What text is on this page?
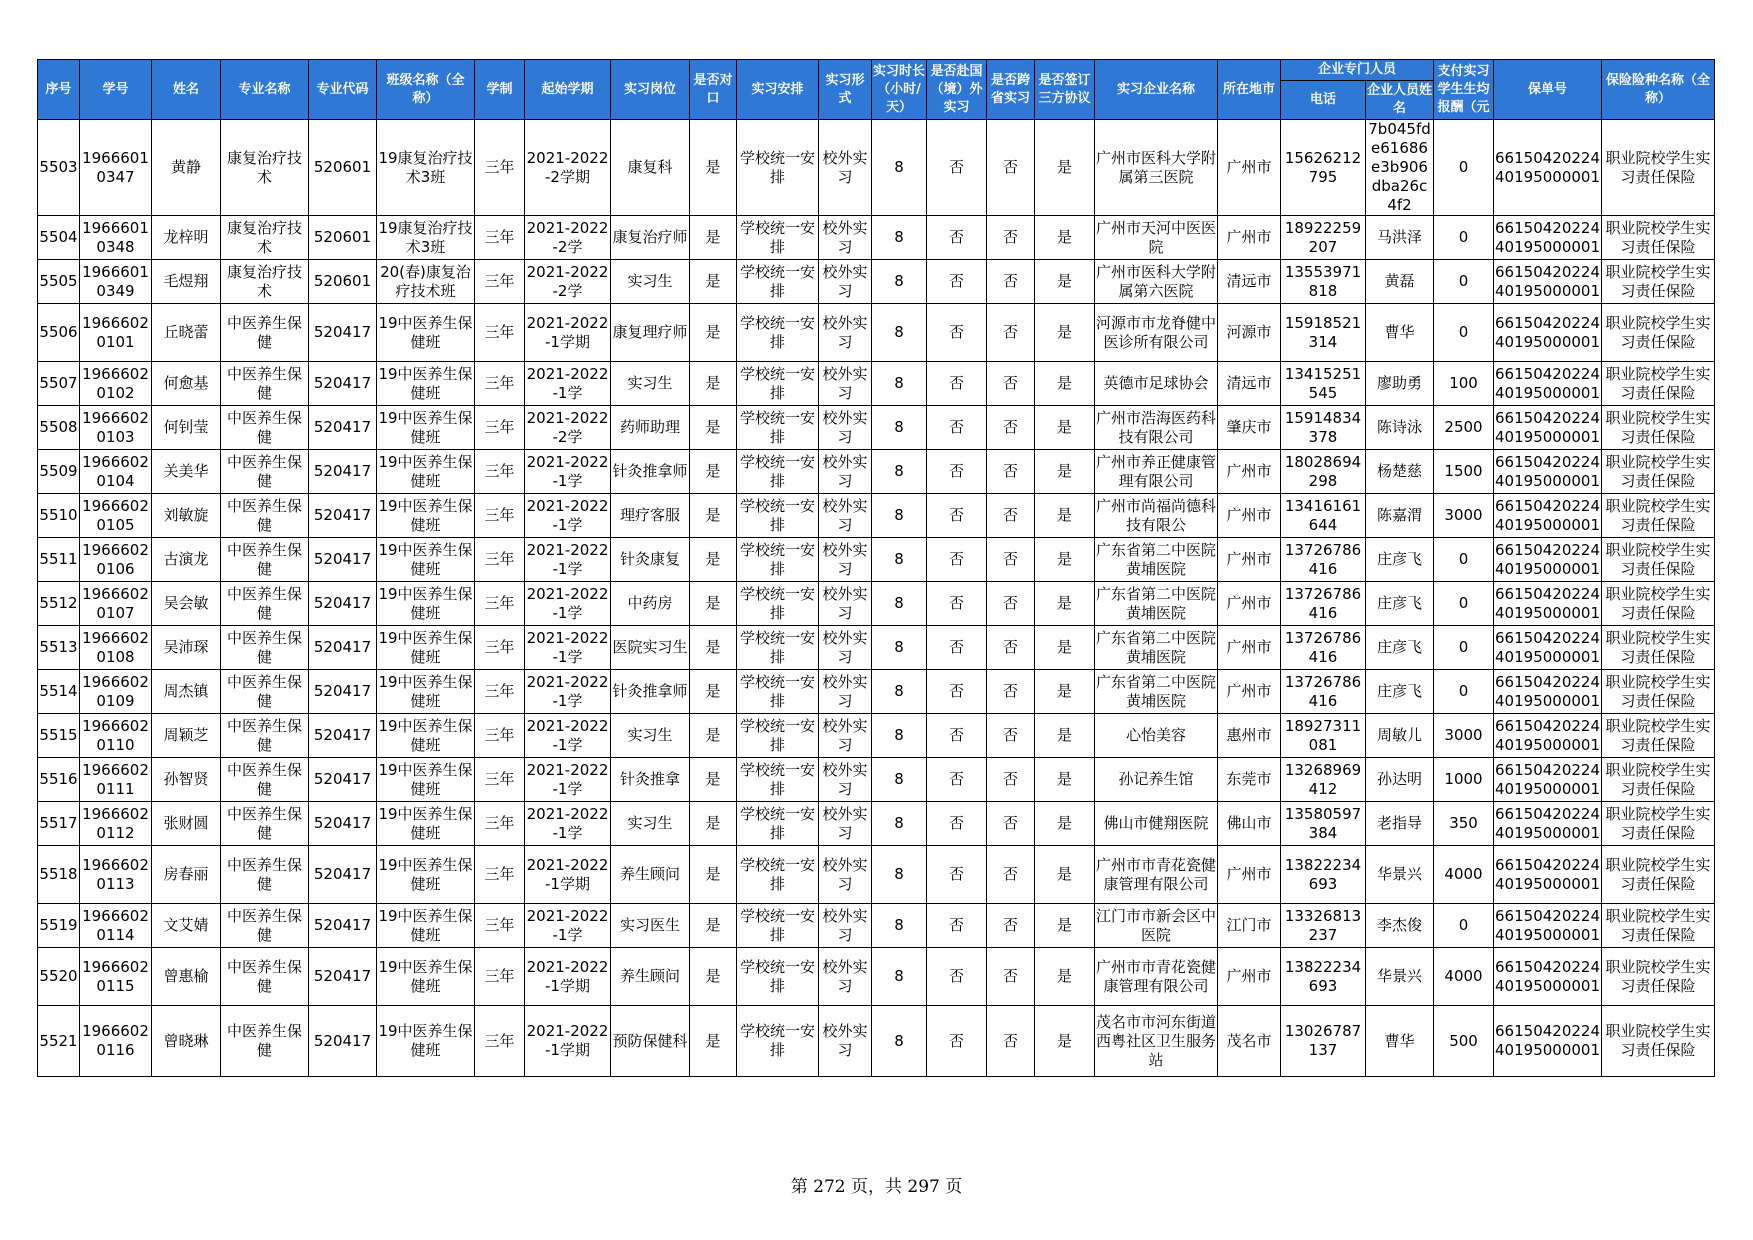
序号	学号	姓名	专业名称	专业代码	班级名称（全称）	学制	起始学期	实习岗位	是否对口	实习安排	实习形式	实习时长（小时/天）	是否赴国（境）外实习	是否跨省实习	是否签订三方协议	实习企业名称	所在地市	企业专门人员		支付实习学生生均报酬（元	保单号	保险险种名称（全称）
																		电话	企业人员姓名			
5503	19666010347	黄静	康复治疗技术	520601	19康复治疗技术3班	三年	2021-2022-2学期	康复科	是	学校统一安排	校外实习	8	否	否	是	广州市医科大学附属第三医院	广州市	15626212795	7b045fde61686e3b906dba26c4f2	0	6615042022440195000001	职业院校学生实习责任保险
5504	19666010348	龙梓明	康复治疗技术	520601	19康复治疗技术3班	三年	2021-2022-2学	康复治疗师	是	学校统一安排	校外实习	8	否	否	是	广州市天河中医医院	广州市	18922259207	马洪泽	0	6615042022440195000001	职业院校学生实习责任保险
5505	19666010349	毛煜翔	康复治疗技术	520601	20(春)康复治疗技术班	三年	2021-2022-2学	实习生	是	学校统一安排	校外实习	8	否	否	是	广州市医科大学附属第六医院	清远市	13553971818	黄磊	0	6615042022440195000001	职业院校学生实习责任保险
5506	19666020101	丘晓蕾	中医养生保健	520417	19中医养生保健班	三年	2021-2022-1学期	康复理疗师	是	学校统一安排	校外实习	8	否	否	是	河源市市龙脊健中医诊所有限公司	河源市	15918521314	曹华	0	6615042022440195000001	职业院校学生实习责任保险
5507	19666020102	何愈基	中医养生保健	520417	19中医养生保健班	三年	2021-2022-1学	实习生	是	学校统一安排	校外实习	8	否	否	是	英德市足球协会	清远市	13415251545	廖助勇	100	6615042022440195000001	职业院校学生实习责任保险
5508	19666020103	何钊莹	中医养生保健	520417	19中医养生保健班	三年	2021-2022-2学	药师助理	是	学校统一安排	校外实习	8	否	否	是	广州市浩海医药科技有限公司	肇庆市	15914834378	陈诗泳	2500	6615042022440195000001	职业院校学生实习责任保险
5509	19666020104	关美华	中医养生保健	520417	19中医养生保健班	三年	2021-2022-1学	针灸推拿师	是	学校统一安排	校外实习	8	否	否	是	广州市养正健康管理有限公司	广州市	18028694298	杨楚慈	1500	6615042022440195000001	职业院校学生实习责任保险
5510	19666020105	刘敏旋	中医养生保健	520417	19中医养生保健班	三年	2021-2022-1学	理疗客服	是	学校统一安排	校外实习	8	否	否	是	广州市尚福尚德科技有限公	广州市	13416161644	陈嘉渭	3000	6615042022440195000001	职业院校学生实习责任保险
5511	19666020106	古演龙	中医养生保健	520417	19中医养生保健班	三年	2021-2022-1学	针灸康复	是	学校统一安排	校外实习	8	否	否	是	广东省第二中医院黄埔医院	广州市	13726786416	庄彦飞	0	6615042022440195000001	职业院校学生实习责任保险
5512	19666020107	吴会敏	中医养生保健	520417	19中医养生保健班	三年	2021-2022-1学	中药房	是	学校统一安排	校外实习	8	否	否	是	广东省第二中医院黄埔医院	广州市	13726786416	庄彦飞	0	6615042022440195000001	职业院校学生实习责任保险
5513	19666020108	吴沛琛	中医养生保健	520417	19中医养生保健班	三年	2021-2022-1学	医院实习生	是	学校统一安排	校外实习	8	否	否	是	广东省第二中医院黄埔医院	广州市	13726786416	庄彦飞	0	6615042022440195000001	职业院校学生实习责任保险
5514	19666020109	周杰镇	中医养生保健	520417	19中医养生保健班	三年	2021-2022-1学	针灸推拿师	是	学校统一安排	校外实习	8	否	否	是	广东省第二中医院黄埔医院	广州市	13726786416	庄彦飞	0	6615042022440195000001	职业院校学生实习责任保险
5515	19666020110	周颖芝	中医养生保健	520417	19中医养生保健班	三年	2021-2022-1学	实习生	是	学校统一安排	校外实习	8	否	否	是	心怡美容	惠州市	18927311081	周敏儿	3000	6615042022440195000001	职业院校学生实习责任保险
5516	19666020111	孙智贤	中医养生保健	520417	19中医养生保健班	三年	2021-2022-1学	针灸推拿	是	学校统一安排	校外实习	8	否	否	是	孙记养生馆	东莞市	13268969412	孙达明	1000	6615042022440195000001	职业院校学生实习责任保险
5517	19666020112	张财圆	中医养生保健	520417	19中医养生保健班	三年	2021-2022-1学	实习生	是	学校统一安排	校外实习	8	否	否	是	佛山市健翔医院	佛山市	13580597384	老指导	350	6615042022440195000001	职业院校学生实习责任保险
5518	19666020113	房春丽	中医养生保健	520417	19中医养生保健班	三年	2021-2022-1学期	养生顾问	是	学校统一安排	校外实习	8	否	否	是	广州市市青花瓷健康管理有限公司	广州市	13822234693	华景兴	4000	6615042022440195000001	职业院校学生实习责任保险
5519	19666020114	文艾婧	中医养生保健	520417	19中医养生保健班	三年	2021-2022-1学	实习医生	是	学校统一安排	校外实习	8	否	否	是	江门市市新会区中医院	江门市	13326813237	李杰俊	0	6615042022440195000001	职业院校学生实习责任保险
5520	19666020115	曾惠榆	中医养生保健	520417	19中医养生保健班	三年	2021-2022-1学期	养生顾问	是	学校统一安排	校外实习	8	否	否	是	广州市市青花瓷健康管理有限公司	广州市	13822234693	华景兴	4000	6615042022440195000001	职业院校学生实习责任保险
5521	19666020116	曾晓琳	中医养生保健	520417	19中医养生保健班	三年	2021-2022-1学期	预防保健科	是	学校统一安排	校外实习	8	否	否	是	茂名市市河东街道西粤社区卫生服务站	茂名市	13026787137	曹华	500	6615042022440195000001	职业院校学生实习责任保险
第 272 页，共 297 页
